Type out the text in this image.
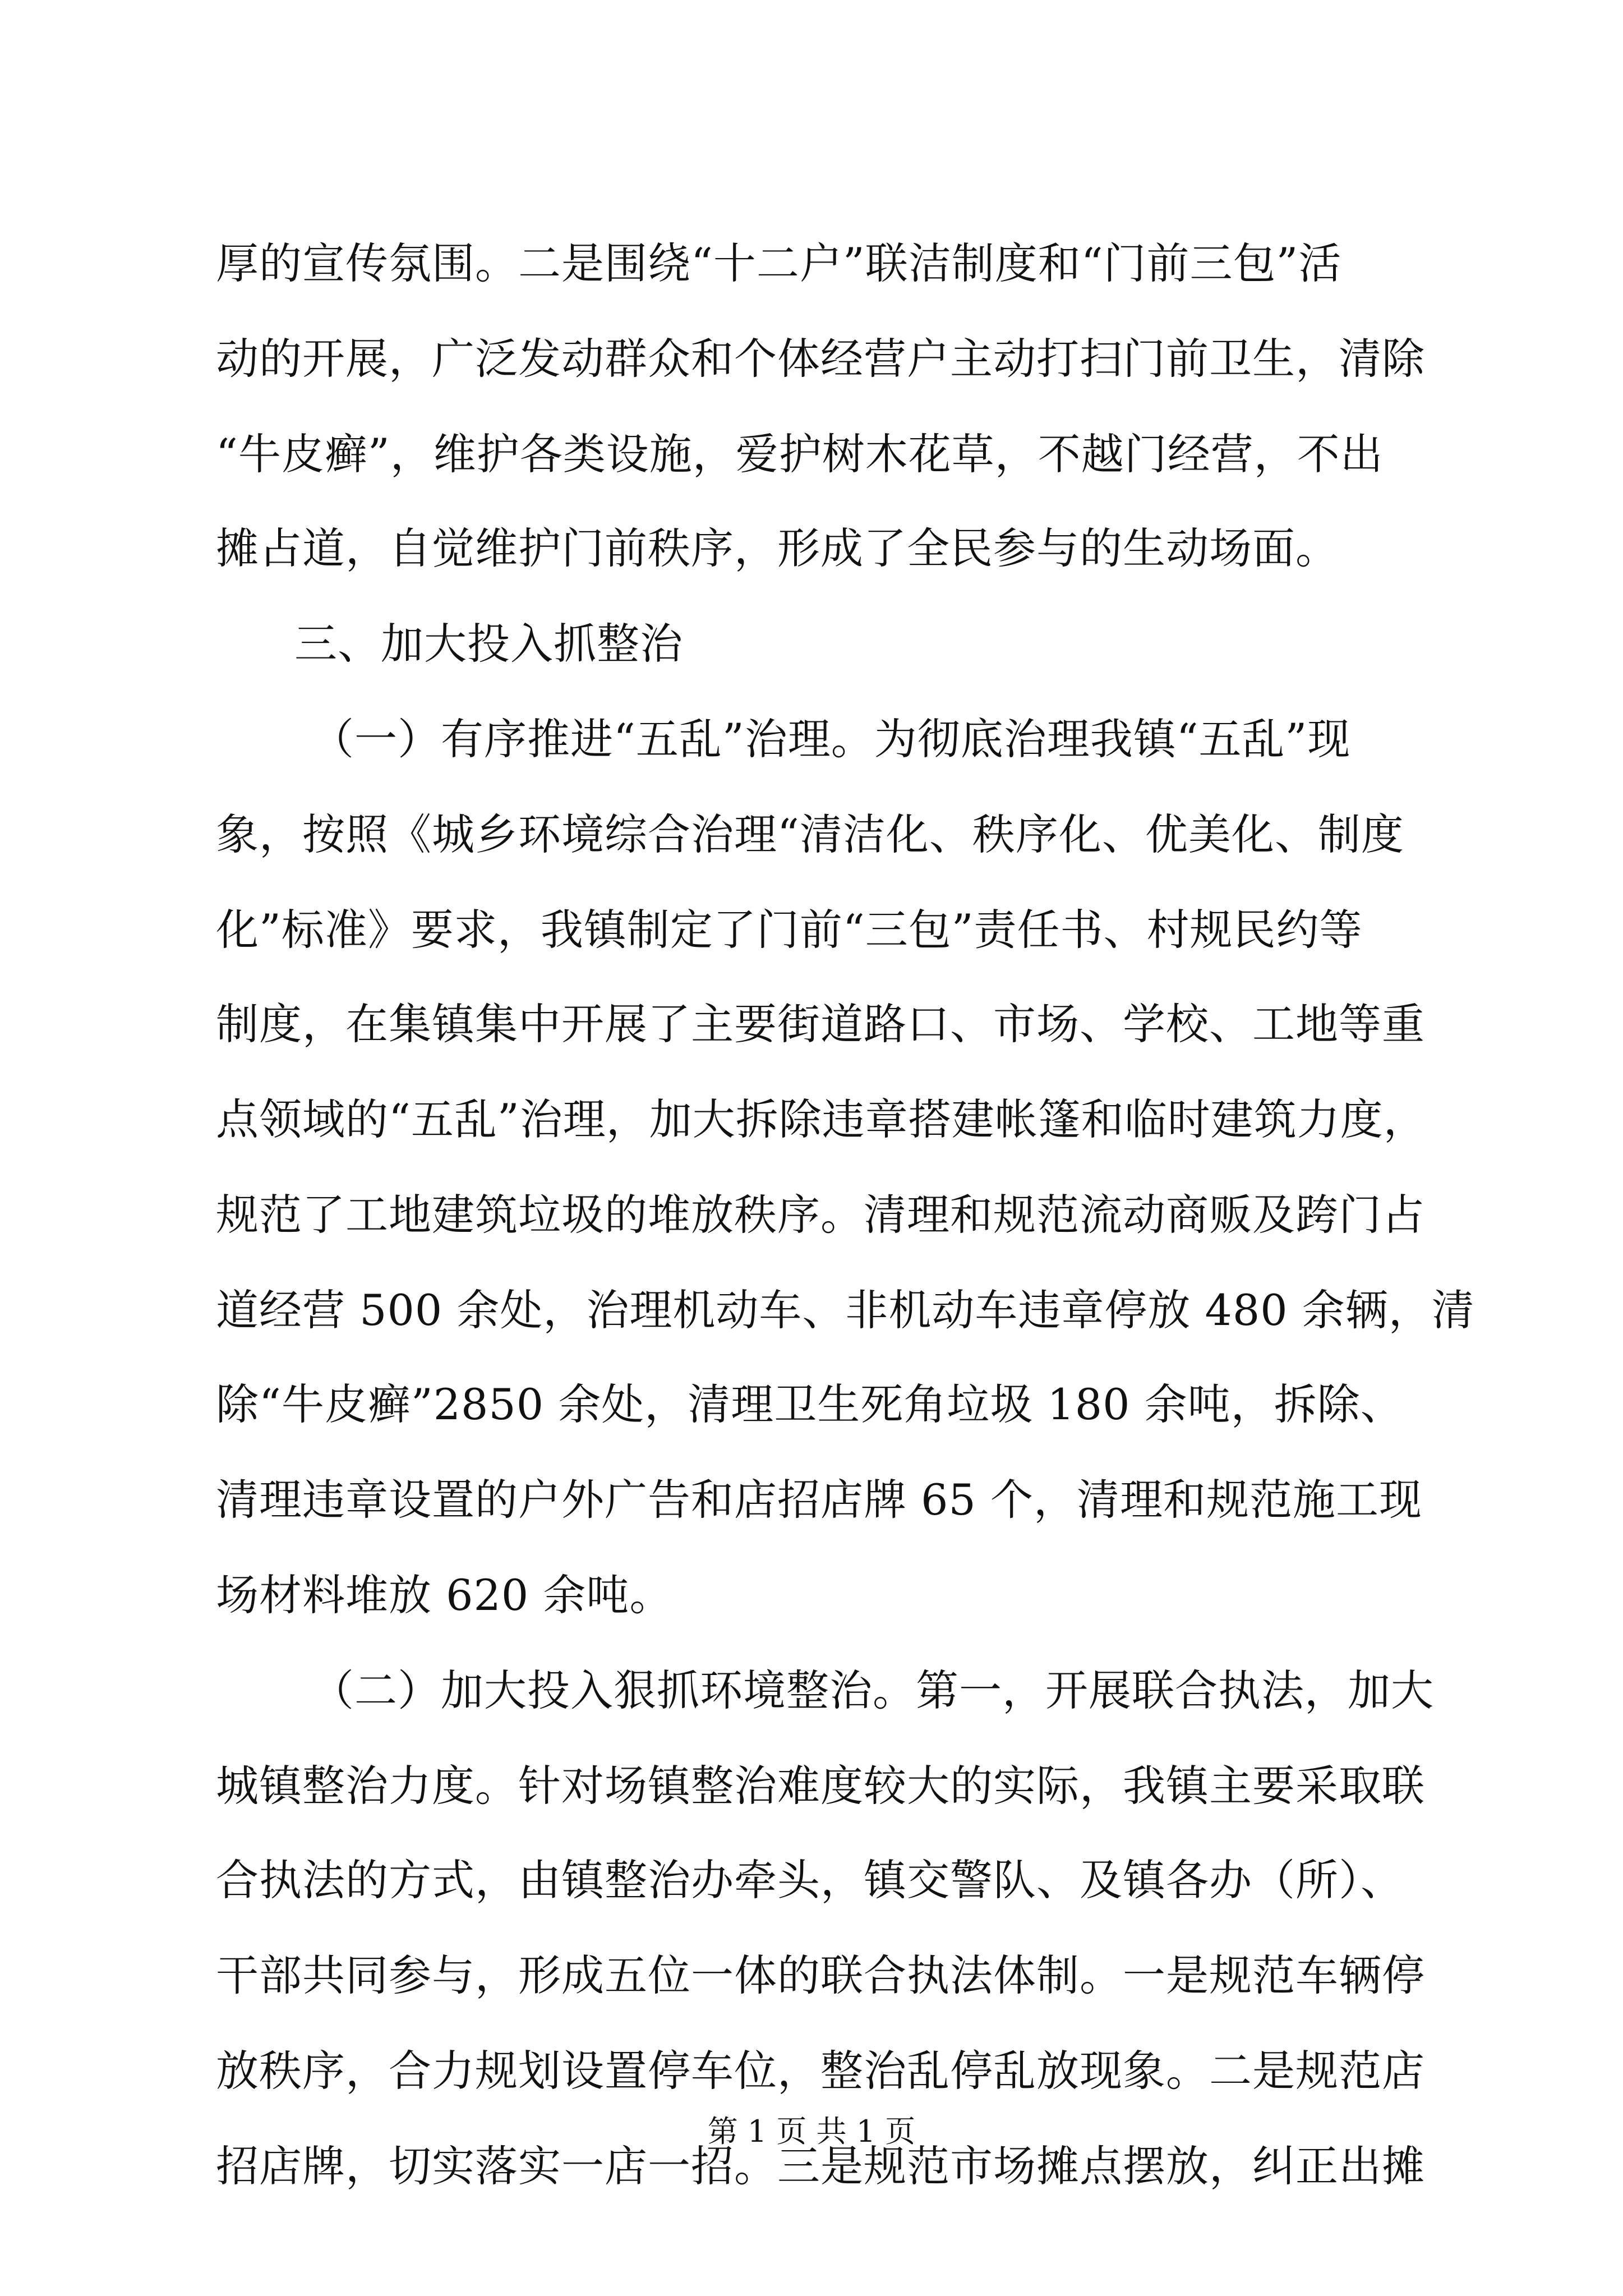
厚的宣传氛围。二是围绕“十二户”联洁制度和“门前三包”活
动的开展，广泛发动群众和个体经营户主动打扫门前卫生，清除
“牛皮癣”，维护各类设施，爱护树木花草，不越门经营，不出
摊占道，自觉维护门前秩序，形成了全民参与的生动场面。
三、加大投入抓整治
（一）有序推进“五乱”治理。为彻底治理我镇“五乱”现
象，按照《城乡环境综合治理“清洁化、秩序化、优美化、制度
化”标准》要求，我镇制定了门前“三包”责任书、村规民约等
制度，在集镇集中开展了主要街道路口、市场、学校、工地等重
点领域的“五乱”治理，加大拆除违章搭建帐篷和临时建筑力度，
规范了工地建筑垃圾的堆放秩序。清理和规范流动商贩及跨门占
道经营 500 余处，治理机动车、非机动车违章停放 480 余辆，清
除“牛皮癣”2850 余处，清理卫生死角垃圾 180 余吨，拆除、
清理违章设置的户外广告和店招店牌 65 个，清理和规范施工现
场材料堆放 620 余吨。
（二）加大投入狠抓环境整治。第一，开展联合执法，加大
城镇整治力度。针对场镇整治难度较大的实际，我镇主要采取联
合执法的方式，由镇整治办牵头，镇交警队、及镇各办（所）、
干部共同参与，形成五位一体的联合执法体制。一是规范车辆停
放秩序，合力规划设置停车位，整治乱停乱放现象。二是规范店
招店牌，切实落实一店一招。三是规范市场摊点摆放，纠正出摊
第 1 页 共 1 页
